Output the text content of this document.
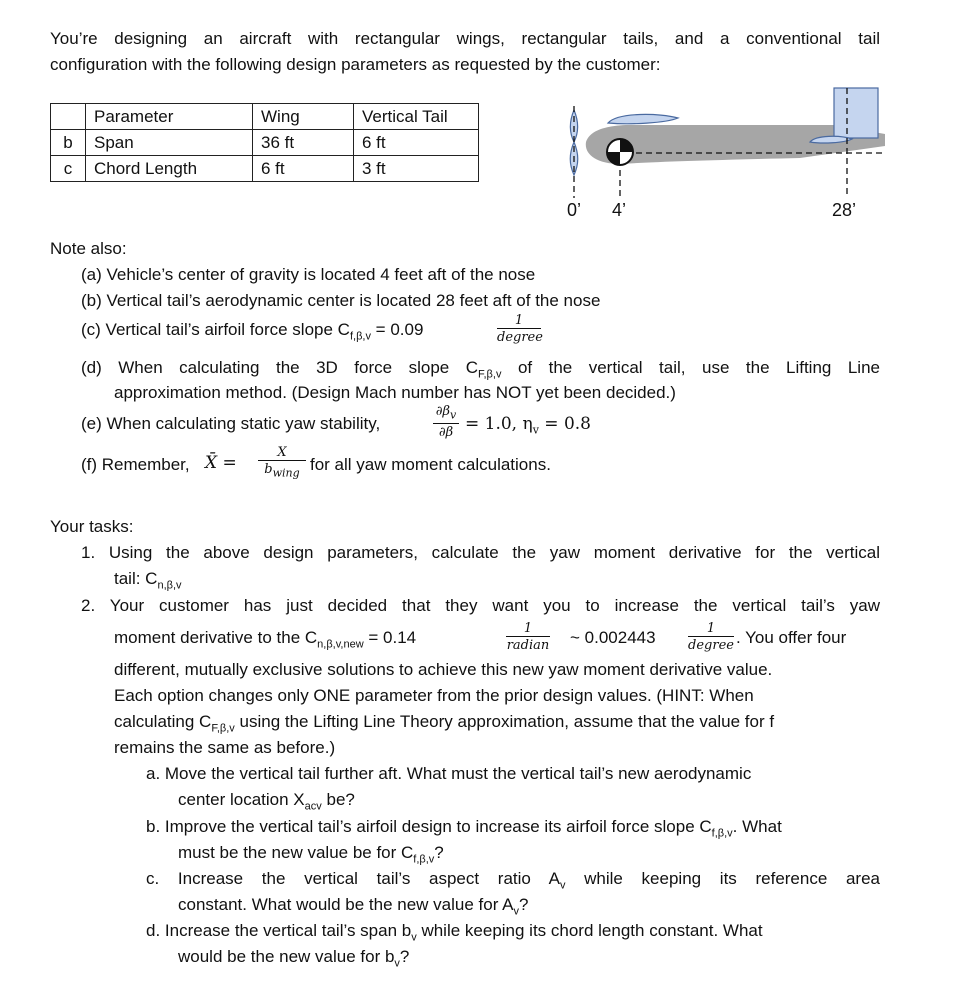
You’re designing an aircraft with rectangular wings, rectangular tails, and a conventional tail
configuration with the following design parameters as requested by the customer:
	Parameter	Wing	Vertical Tail
b	Span	36 ft	6 ft
c	Chord Length	6 ft	3 ft
0’ 4’	28’
Note also:
(a) Vehicle’s center of gravity is located 4 feet aft of the nose
(b) Vertical tail’s aerodynamic center is located 28 feet aft of the nose
(c) Vertical tail’s airfoil force slope $C_{f,\beta,v} = 0.09$	1
degree
(d) When calculating the 3D force slope $C_{F,\beta,v}$ of the vertical tail, use the Lifting Line
approximation method. (Design Mach number has NOT yet been decided.)
(e) When calculating static yaw stability,	$\frac{\partial\beta_v}{\partial\beta} = 1.0$, $\eta_v = 0.8$
(f) Remember, X̄ =
X
$b_{wing}$ for all yaw moment calculations.
Your tasks:
1. Using the above design parameters, calculate the yaw moment derivative for the vertical
tail: $C_{n,\beta,v}$
2. Your customer has just decided that they want you to increase the vertical tail’s yaw
moment derivative to the $C_{n,\beta,v,new} = 0.14$	1
radian ~ 0.002443	1
degree . You offer four
different, mutually exclusive solutions to achieve this new yaw moment derivative value.
Each option changes only ONE parameter from the prior design values. (HINT: When
calculating $C_{F,\beta,v}$ using the Lifting Line Theory approximation, assume that the value for f
remains the same as before.)
a. Move the vertical tail further aft. What must the vertical tail’s new aerodynamic
center location $X_{acv}$ be?
b. Improve the vertical tail’s airfoil design to increase its airfoil force slope $C_{f,\beta,v}$. What
must be the new value be for $C_{f,\beta,v}$?
c. Increase the vertical tail’s aspect ratio $A_v$ while keeping its reference area
constant. What would be the new value for $A_v$?
d. Increase the vertical tail’s span $b_v$ while keeping its chord length constant. What
would be the new value for $b_v$?
